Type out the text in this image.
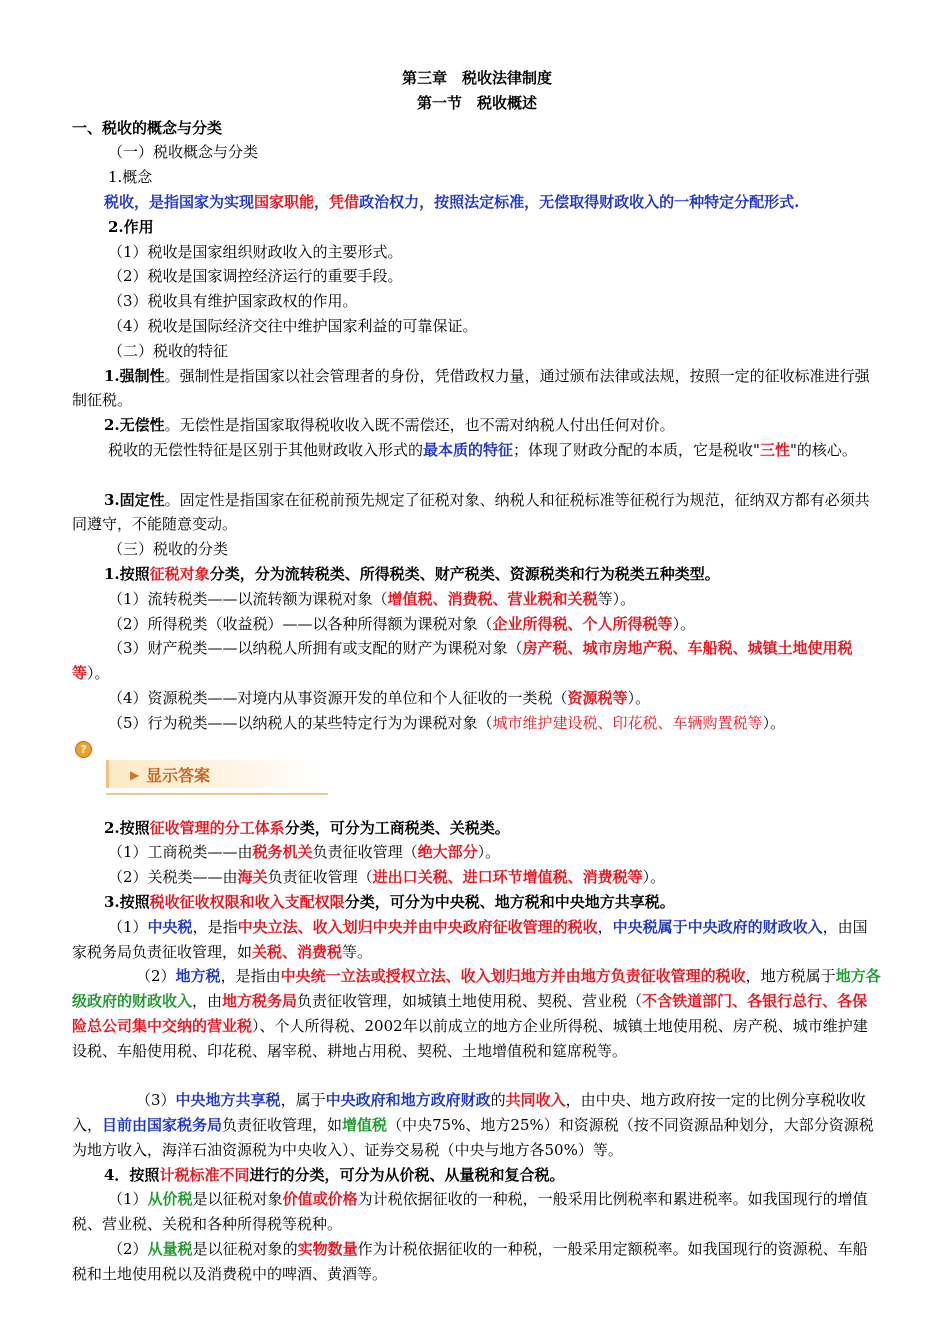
?
▶ 显示答案
第三章　税收法律制度
第一节　税收概述
一、税收的概念与分类
（一）税收概念与分类
1.概念
税收，是指国家为实现国家职能，凭借政治权力，按照法定标准，无偿取得财政收入的一种特定分配形式.
2.作用
（1）税收是国家组织财政收入的主要形式。
（2）税收是国家调控经济运行的重要手段。
（3）税收具有维护国家政权的作用。
（4）税收是国际经济交往中维护国家利益的可靠保证。
（二）税收的特征
1.强制性。强制性是指国家以社会管理者的身份，凭借政权力量，通过颁布法律或法规，按照一定的征收标准进行强制征税。
2.无偿性。无偿性是指国家取得税收收入既不需偿还，也不需对纳税人付出任何对价。
税收的无偿性特征是区别于其他财政收入形式的最本质的特征；体现了财政分配的本质，它是税收"三性"的核心。
3.固定性。固定性是指国家在征税前预先规定了征税对象、纳税人和征税标准等征税行为规范，征纳双方都有必须共同遵守，不能随意变动。
（三）税收的分类
1.按照征税对象分类，分为流转税类、所得税类、财产税类、资源税类和行为税类五种类型。
（1）流转税类——以流转额为课税对象（增值税、消费税、营业税和关税等）。
（2）所得税类（收益税）——以各种所得额为课税对象（企业所得税、个人所得税等）。
（3）财产税类——以纳税人所拥有或支配的财产为课税对象（房产税、城市房地产税、车船税、城镇土地使用税等）。
（4）资源税类——对境内从事资源开发的单位和个人征收的一类税（资源税等）。
（5）行为税类——以纳税人的某些特定行为为课税对象（城市维护建设税、印花税、车辆购置税等）。
2.按照征收管理的分工体系分类，可分为工商税类、关税类。
（1）工商税类——由税务机关负责征收管理（绝大部分）。
（2）关税类——由海关负责征收管理（进出口关税、进口环节增值税、消费税等）。
3.按照税收征收权限和收入支配权限分类，可分为中央税、地方税和中央地方共享税。
（1）中央税，是指中央立法、收入划归中央并由中央政府征收管理的税收，中央税属于中央政府的财政收入，由国家税务局负责征收管理，如关税、消费税等。
（2）地方税，是指由中央统一立法或授权立法、收入划归地方并由地方负责征收管理的税收，地方税属于地方各级政府的财政收入，由地方税务局负责征收管理，如城镇土地使用税、契税、营业税（不含铁道部门、各银行总行、各保险总公司集中交纳的营业税）、个人所得税、2002年以前成立的地方企业所得税、城镇土地使用税、房产税、城市维护建设税、车船使用税、印花税、屠宰税、耕地占用税、契税、土地增值税和筵席税等。
（3）中央地方共享税，属于中央政府和地方政府财政的共同收入，由中央、地方政府按一定的比例分享税收收入，目前由国家税务局负责征收管理，如增值税（中央75%、地方25%）和资源税（按不同资源品种划分，大部分资源税为地方收入，海洋石油资源税为中央收入）、证券交易税（中央与地方各50%）等。
4．按照计税标准不同进行的分类，可分为从价税、从量税和复合税。
（1）从价税是以征税对象价值或价格为计税依据征收的一种税，一般采用比例税率和累进税率。如我国现行的增值税、营业税、关税和各种所得税等税种。
（2）从量税是以征税对象的实物数量作为计税依据征收的一种税，一般采用定额税率。如我国现行的资源税、车船税和土地使用税以及消费税中的啤酒、黄酒等。
